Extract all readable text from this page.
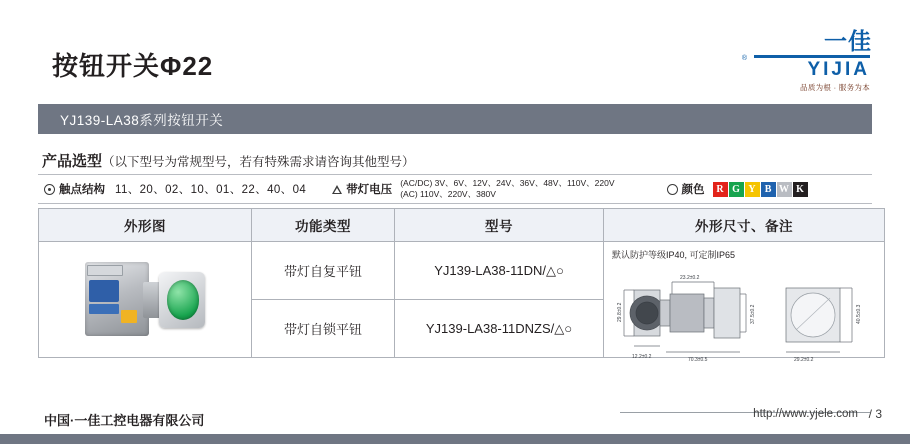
按钮开关Φ22
一佳
®
YIJIA
品质为根 · 服务为本
YJ139-LA38系列按钮开关
产品选型（以下型号为常规型号，若有特殊需求请咨询其他型号）
触点结构 11、20、02、10、01、22、40、04	带灯电压
(AC/DC) 3V、6V、12V、24V、36V、48V、110V、220V
(AC) 110V、220V、380V	颜色	R G Y B W K
外形图	功能类型	型号	外形尺寸、备注

	带灯自复平钮	YJ139-LA38-11DN/△○	
默认防护等级IP40, 可定制IP65
23.2±0.2
29.8±0.2	37.5±0.2	40.5±0.3
12.2±0.2	70.3±0.5	29.2±0.2

	带灯自锁平钮	YJ139-LA38-11DNZS/△○	
中国·一佳工控电器有限公司	http://www.yjele.com / 3
